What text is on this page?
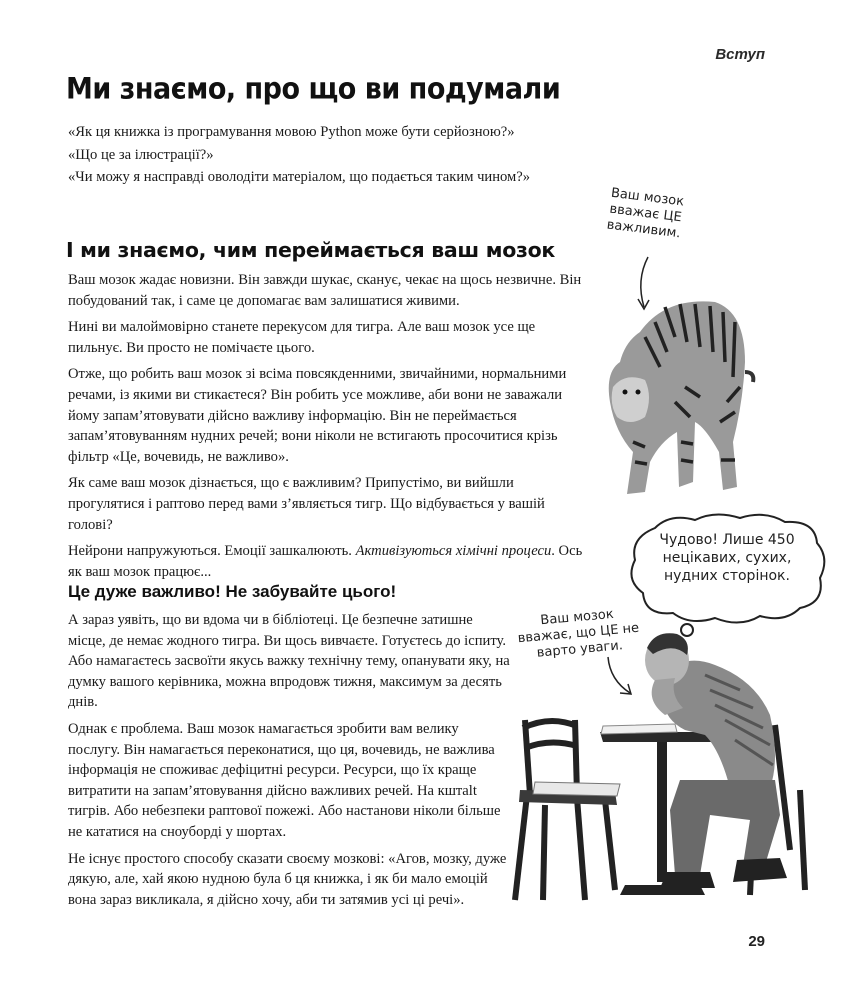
Вступ
Ми знаємо, про що ви подумали
«Як ця книжка із програмування мовою Python може бути серйозною?»
«Що це за ілюстрації?»
«Чи можу я насправді оволодіти матеріалом, що подається таким чином?»
І ми знаємо, чим переймається ваш мозок

Ваш мозок жадає новизни. Він завжди шукає, сканує, чекає на щось незвичне. Він побудований так, і саме це допомагає вам залишатися живими.

Нині ви малоймовірно станете перекусом для тигра. Але ваш мозок усе ще пильнує. Ви просто не помічаєте цього.

Отже, що робить ваш мозок зі всіма повсякденними, звичайними, нормальними речами, із якими ви стикаєтеся? Він робить усе можливе, аби вони не заважали йому запам’ятовувати дійсно важливу інформацію. Він не переймається запам’ятовуванням нудних речей; вони ніколи не встигають просочитися крізь фільтр «Це, вочевидь, не важливо».

Як саме ваш мозок дізнається, що є важливим? Припустімо, ви вийшли прогулятися і раптово перед вами з’являється тигр. Що відбувається у вашій голові?

Нейрони напружуються. Емоції зашкалюють. Активізуються хімічні процеси. Ось як ваш мозок працює...

Це дуже важливо! Не забувайте цього!

А зараз уявіть, що ви вдома чи в бібліотеці. Це безпечне затишне місце, де немає жодного тигра. Ви щось вивчаєте. Готуєтесь до іспиту. Або намагаєтесь засвоїти якусь важку технічну тему, опанувати яку, на думку вашого керівника, можна впродовж тижня, максимум за десять днів.

Однак є проблема. Ваш мозок намагається зробити вам велику послугу. Він намагається переконатися, що ця, вочевидь, не важлива інформація не споживає дефіцитні ресурси. Ресурси, що їх краще витратити на запам’ятовування дійсно важливих речей. На кштalt тигрів. Або небезпеки раптової пожежі. Або настанови ніколи більше не кататися на сноуборді у шортах.

Не існує простого способу сказати своєму мозкові: «Агов, мозку, дуже дякую, але, хай якою нудною була б ця книжка, і як би мало емоцій вона зараз викликала, я дійсно хочу, аби ти затямив усі ці речі».

Ваш мозок вважає ЦЕ важливим.
Чудово! Лише 450 нецікавих, сухих, нудних сторінок.
Ваш мозок вважає, що ЦЕ не варто уваги.
29
